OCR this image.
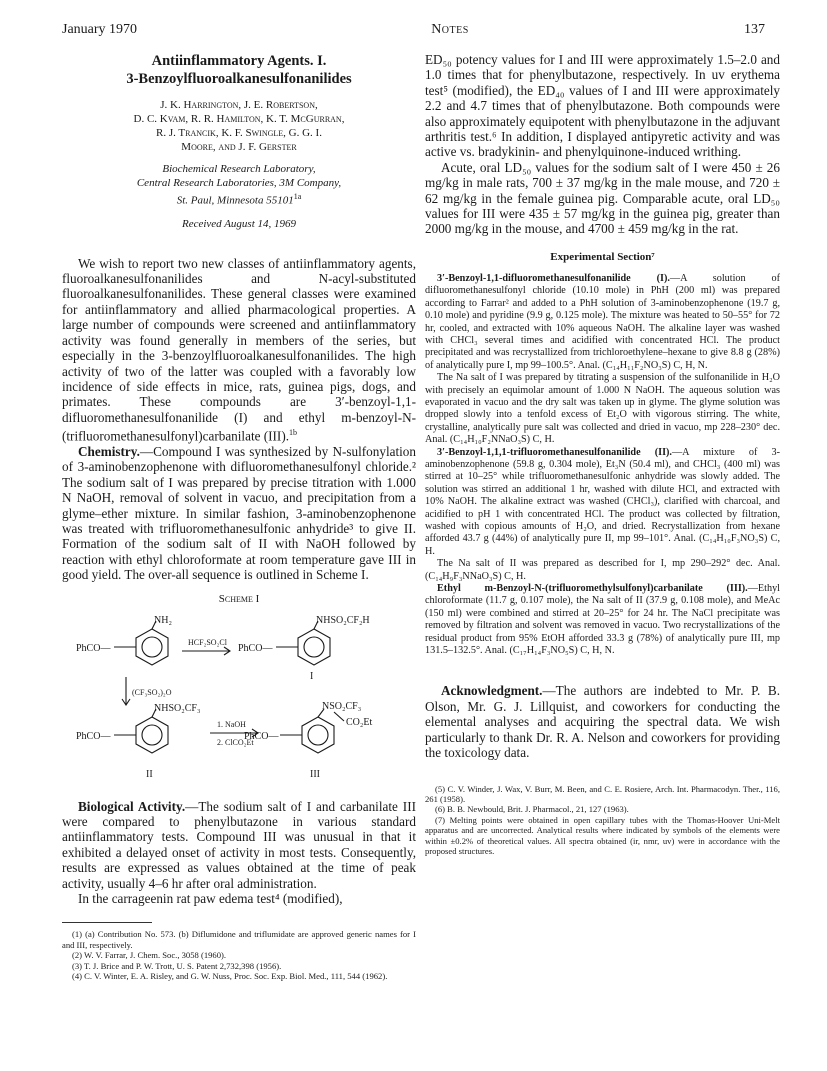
January 1970	Notes	137

Antiinflammatory Agents. I.
3-Benzoylfluoroalkanesulfonanilides

J. K. Harrington, J. E. Robertson,
D. C. Kvam, R. R. Hamilton, K. T. McGurran,
R. J. Trancik, K. F. Swingle, G. G. I.
Moore, and J. F. Gerster

Biochemical Research Laboratory,
Central Research Laboratories, 3M Company,
St. Paul, Minnesota $55101^{1a}$

Received August 14, 1969

We wish to report two new classes of antiinflammatory agents, fluoroalkanesulfonanilides and N-acyl-substituted fluoroalkanesulfonanilides. These general classes were examined for antiinflammatory and allied pharmacological properties. A large number of compounds were screened and antiinflammatory activity was found generally in members of the series, but especially in the 3-benzoylfluoroalkanesulfonanilides. The high activity of two of the latter was coupled with a favorably low incidence of side effects in mice, rats, guinea pigs, dogs, and primates. These compounds are 3′-benzoyl-1,1-difluoromethanesulfonanilide (I) and ethyl m-benzoyl-N-(trifluoromethanesulfonyl)carbanilate (III).$^{1b}$

Chemistry.—Compound I was synthesized by N-sulfonylation of 3-aminobenzophenone with difluoromethanesulfonyl chloride.² The sodium salt of I was prepared by precise titration with 1.000 N NaOH, removal of solvent in vacuo, and precipitation from a glyme–ether mixture. In similar fashion, 3-aminobenzophenone was treated with trifluoromethanesulfonic anhydride³ to give II. Formation of the sodium salt of II with NaOH followed by reaction with ethyl chloroformate at room temperature gave III in good yield. The over-all sequence is outlined in Scheme I.

Scheme I

NH₂
HCF₂SO₂Cl
NHSO₂CF₂H
PhCO—	PhCO—
I
(CF₃SO₂)₂O
NHSO₂CF₃
1. NaOH
2. ClCO₂Et
NSO₂CF₃
CO₂Et
PhCO—	PhCO—
II	III

Biological Activity.—The sodium salt of I and carbanilate III were compared to phenylbutazone in various standard antiinflammatory tests. Compound III was unusual in that it exhibited a delayed onset of activity in most tests. Consequently, results are expressed as values obtained at the time of peak activity, usually 4–6 hr after oral administration.

In the carrageenin rat paw edema test⁴ (modified),

(1) (a) Contribution No. 573. (b) Diflumidone and triflumidate are approved generic names for I and III, respectively.

(2) W. V. Farrar, J. Chem. Soc., 3058 (1960).

(3) T. J. Brice and P. W. Trott, U. S. Patent 2,732,398 (1956).

(4) C. V. Winter, E. A. Risley, and G. W. Nuss, Proc. Soc. Exp. Biol. Med., 111, 544 (1962).

ED₅₀ potency values for I and III were approximately 1.5–2.0 and 1.0 times that for phenylbutazone, respectively. In uv erythema test⁵ (modified), the ED₄₀ values of I and III were approximately 2.2 and 4.7 times that of phenylbutazone. Both compounds were also approximately equipotent with phenylbutazone in the adjuvant arthritis test.⁶ In addition, I displayed antipyretic activity and was active vs. bradykinin- and phenylquinone-induced writhing.

Acute, oral LD₅₀ values for the sodium salt of I were 450 ± 26 mg/kg in male rats, 700 ± 37 mg/kg in the male mouse, and 720 ± 62 mg/kg in the female guinea pig. Comparable acute, oral LD₅₀ values for III were 435 ± 57 mg/kg in the guinea pig, greater than 2000 mg/kg in the mouse, and 4700 ± 459 mg/kg in the rat.

Experimental Section⁷

3′-Benzoyl-1,1-difluoromethanesulfonanilide (I).—A solution of difluoromethanesulfonyl chloride (10.10 mole) in PhH (200 ml) was prepared according to Farrar² and added to a PhH solution of 3-aminobenzophenone (19.7 g, 0.10 mole) and pyridine (9.9 g, 0.125 mole). The mixture was heated to 50–55° for 72 hr, cooled, and extracted with 10% aqueous NaOH. The alkaline layer was washed with CHCl₃ several times and acidified with concentrated HCl. The product precipitated and was recrystallized from trichloroethylene–hexane to give 8.8 g (28%) of analytically pure I, mp 99–100.5°. Anal. (C₁₄H₁₁F₂NO₃S) C, H, N.

The Na salt of I was prepared by titrating a suspension of the sulfonanilide in H₂O with precisely an equimolar amount of 1.000 N NaOH. The aqueous solution was evaporated in vacuo and the dry salt was taken up in glyme. The glyme solution was dropped slowly into a tenfold excess of Et₂O with vigorous stirring. The white, crystalline, analytically pure salt was collected and dried in vacuo, mp 228–230° dec. Anal. (C₁₄H₁₀F₂NNaO₃S) C, H.

3′-Benzoyl-1,1,1-trifluoromethanesulfonanilide (II).—A mixture of 3-aminobenzophenone (59.8 g, 0.304 mole), Et₃N (50.4 ml), and CHCl₃ (400 ml) was stirred at 10–25° while trifluoromethanesulfonic anhydride was slowly added. The solution was stirred an additional 1 hr, washed with dilute HCl, and extracted with 10% NaOH. The alkaline extract was washed (CHCl₃), clarified with charcoal, and acidified to pH 1 with concentrated HCl. The product was collected by filtration, washed with copious amounts of H₂O, and dried. Recrystallization from hexane afforded 43.7 g (44%) of analytically pure II, mp 99–101°. Anal. (C₁₄H₁₀F₃NO₃S) C, H.

The Na salt of II was prepared as described for I, mp 290–292° dec. Anal. (C₁₄H₉F₃NNaO₃S) C, H.

Ethyl m-Benzoyl-N-(trifluoromethylsulfonyl)carbanilate (III).—Ethyl chloroformate (11.7 g, 0.107 mole), the Na salt of II (37.9 g, 0.108 mole), and MeAc (150 ml) were combined and stirred at 20–25° for 24 hr. The NaCl precipitate was removed by filtration and solvent was removed in vacuo. Two recrystallizations of the residual product from 95% EtOH afforded 33.3 g (78%) of analytically pure III, mp 131.5–132.5°. Anal. (C₁₇H₁₄F₃NO₅S) C, H, N.

Acknowledgment.—The authors are indebted to Mr. P. B. Olson, Mr. G. J. Lillquist, and coworkers for conducting the elemental analyses and acquiring the spectral data. We wish particularly to thank Dr. R. A. Nelson and coworkers for providing the toxicology data.

(5) C. V. Winder, J. Wax, V. Burr, M. Been, and C. E. Rosiere, Arch. Int. Pharmacodyn. Ther., 116, 261 (1958).

(6) B. B. Newbould, Brit. J. Pharmacol., 21, 127 (1963).

(7) Melting points were obtained in open capillary tubes with the Thomas-Hoover Uni-Melt apparatus and are uncorrected. Analytical results where indicated by symbols of the elements were within ±0.2% of theoretical values. All spectra obtained (ir, nmr, uv) were in accordance with the proposed structures.
